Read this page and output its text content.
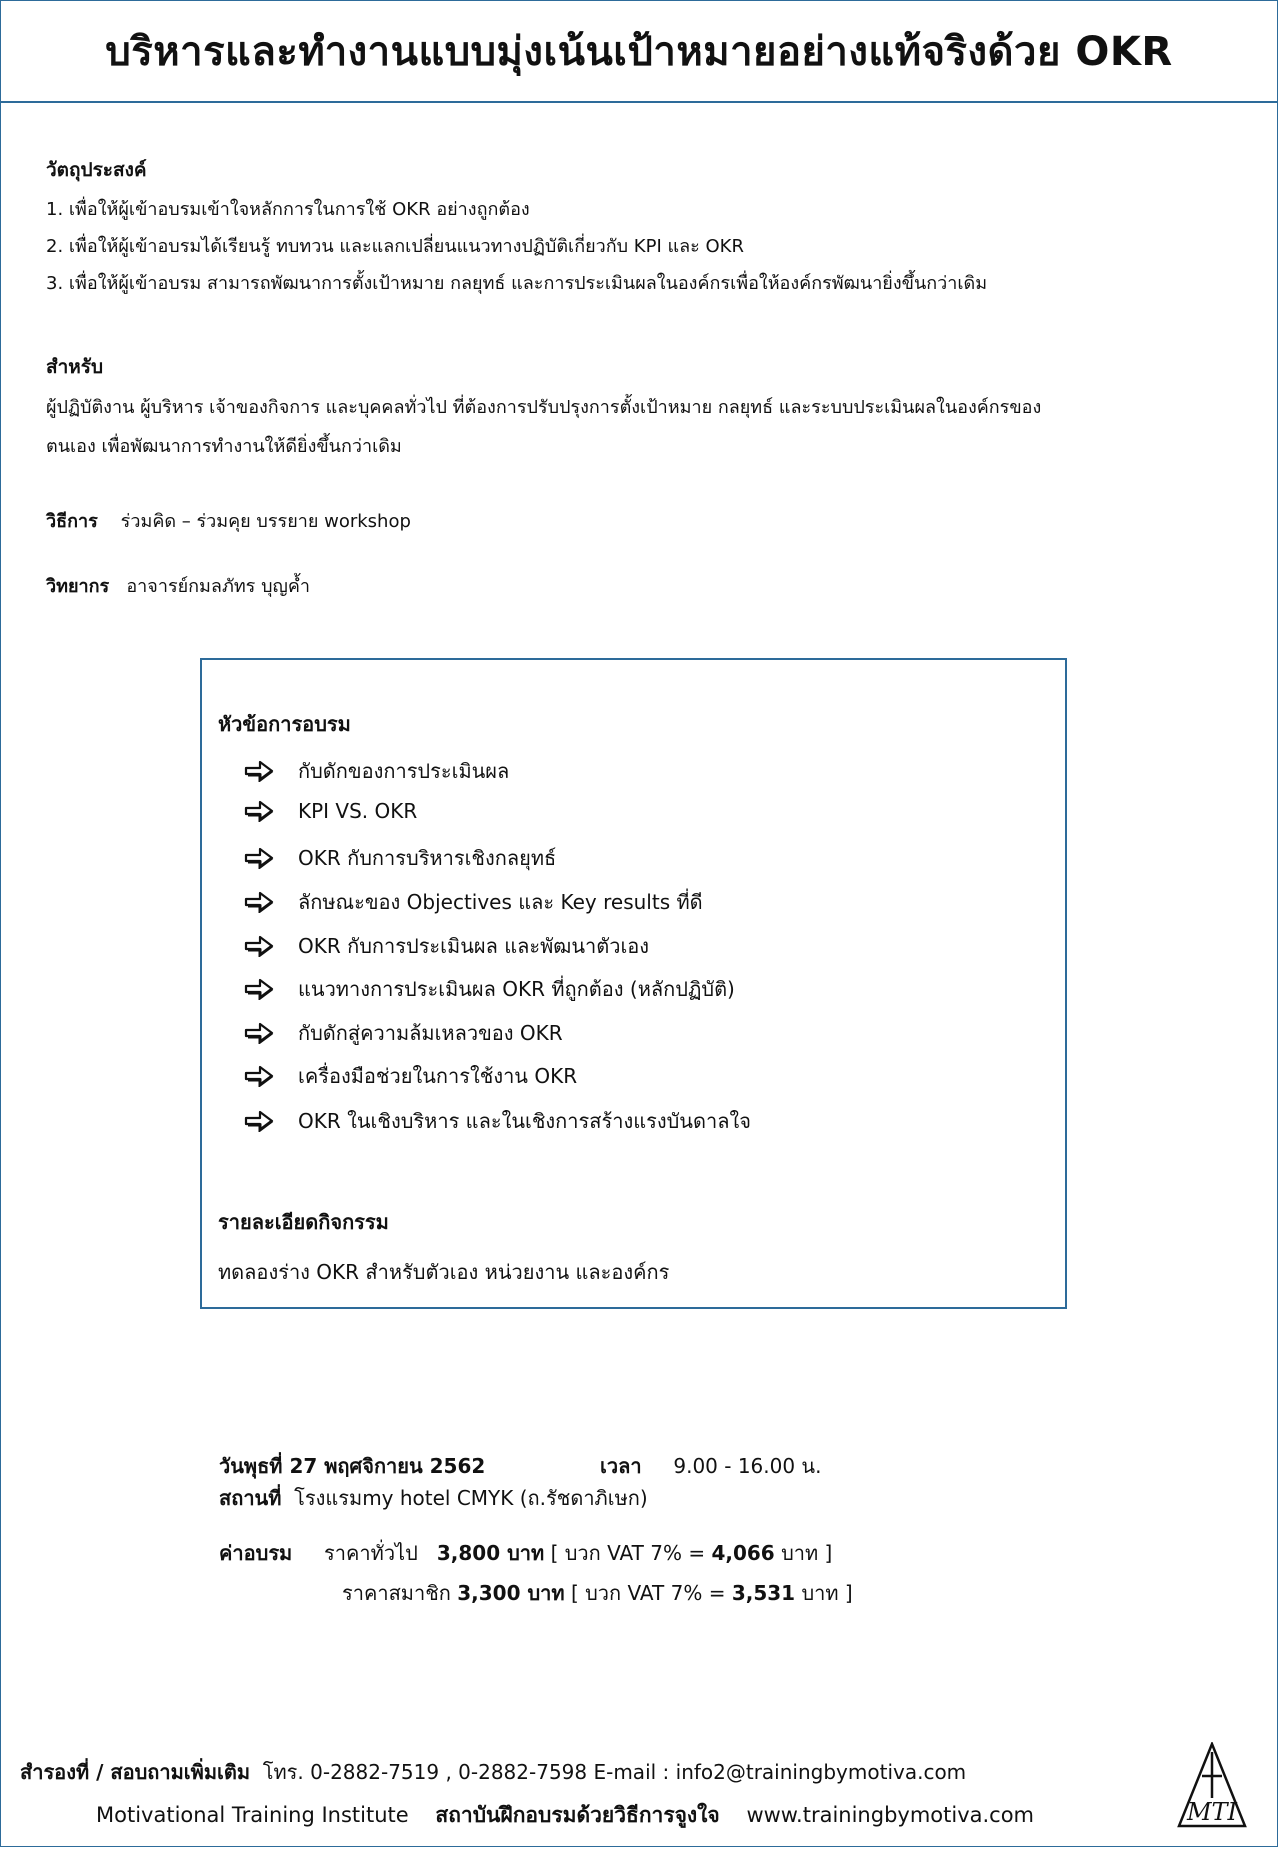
บริหารและทำงานแบบมุ่งเน้นเป้าหมายอย่างแท้จริงด้วย OKR
วัตถุประสงค์
1. เพื่อให้ผู้เข้าอบรมเข้าใจหลักการในการใช้ OKR อย่างถูกต้อง
2. เพื่อให้ผู้เข้าอบรมได้เรียนรู้ ทบทวน และแลกเปลี่ยนแนวทางปฏิบัติเกี่ยวกับ KPI และ OKR
3. เพื่อให้ผู้เข้าอบรม สามารถพัฒนาการตั้งเป้าหมาย กลยุทธ์ และการประเมินผลในองค์กรเพื่อให้องค์กรพัฒนายิ่งขึ้นกว่าเดิม
สำหรับ
ผู้ปฏิบัติงาน ผู้บริหาร เจ้าของกิจการ และบุคคลทั่วไป ที่ต้องการปรับปรุงการตั้งเป้าหมาย กลยุทธ์ และระบบประเมินผลในองค์กรของ
ตนเอง เพื่อพัฒนาการทำงานให้ดียิ่งขึ้นกว่าเดิม
วิธีการ ร่วมคิด – ร่วมคุย บรรยาย workshop
วิทยากร อาจารย์กมลภัทร บุญค้ำ
หัวข้อการอบรม
กับดักของการประเมินผล
KPI VS. OKR
OKR กับการบริหารเชิงกลยุทธ์
ลักษณะของ Objectives และ Key results ที่ดี
OKR กับการประเมินผล และพัฒนาตัวเอง
แนวทางการประเมินผล OKR ที่ถูกต้อง (หลักปฏิบัติ)
กับดักสู่ความล้มเหลวของ OKR
เครื่องมือช่วยในการใช้งาน OKR
OKR ในเชิงบริหาร และในเชิงการสร้างแรงบันดาลใจ
รายละเอียดกิจกรรม
ทดลองร่าง OKR สำหรับตัวเอง หน่วยงาน และองค์กร
วันพุธที่ 27 พฤศจิกายน 2562	เวลา 9.00 - 16.00 น.
สถานที่ โรงแรมmy hotel CMYK (ถ.รัชดาภิเษก)
ค่าอบรม ราคาทั่วไป 3,800 บาท [ บวก VAT 7% = 4,066 บาท ]
ราคาสมาชิก 3,300 บาท [ บวก VAT 7% = 3,531 บาท ]
สำรองที่ / สอบถามเพิ่มเติม โทร. 0-2882-7519 , 0-2882-7598 E-mail : info2@trainingbymotiva.com
Motivational Training Institute สถาบันฝึกอบรมด้วยวิธีการจูงใจ www.trainingbymotiva.com	MTI
